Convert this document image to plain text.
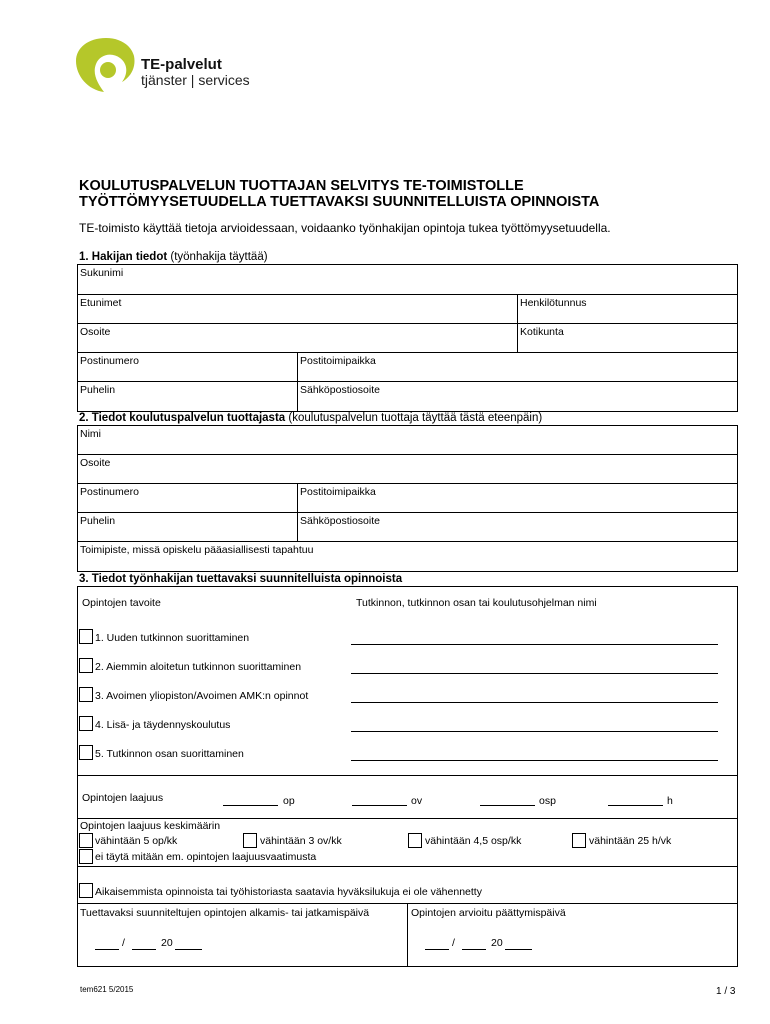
TE-palvelut
tjänster | services
KOULUTUSPALVELUN TUOTTAJAN SELVITYS TE-TOIMISTOLLE
TYÖTTÖMYYSETUUDELLA TUETTAVAKSI SUUNNITELLUISTA OPINNOISTA
TE-toimisto käyttää tietoja arvioidessaan, voidaanko työnhakijan opintoja tukea työttömyysetuudella.
1. Hakijan tiedot (työnhakija täyttää)
Sukunimi
Etunimet	Henkilötunnus
Osoite	Kotikunta
Postinumero	Postitoimipaikka
Puhelin	Sähköpostiosoite
2. Tiedot koulutuspalvelun tuottajasta (koulutuspalvelun tuottaja täyttää tästä eteenpäin)
Nimi
Osoite
Postinumero	Postitoimipaikka
Puhelin	Sähköpostiosoite
Toimipiste, missä opiskelu pääasiallisesti tapahtuu
3. Tiedot työnhakijan tuettavaksi suunnitelluista opinnoista
Opintojen tavoite	Tutkinnon, tutkinnon osan tai koulutusohjelman nimi
1. Uuden tutkinnon suorittaminen
2. Aiemmin aloitetun tutkinnon suorittaminen
3. Avoimen yliopiston/Avoimen AMK:n opinnot
4. Lisä- ja täydennyskoulutus
5. Tutkinnon osan suorittaminen
Opintojen laajuus	op	ov	osp	h
Opintojen laajuus keskimäärin
vähintään 5 op/kk	vähintään 3 ov/kk	vähintään 4,5 osp/kk	vähintään 25 h/vk
ei täytä mitään em. opintojen laajuusvaatimusta
Aikaisemmista opinnoista tai työhistoriasta saatavia hyväksilukuja ei ole vähennetty
Tuettavaksi suunniteltujen opintojen alkamis- tai jatkamispäivä	Opintojen arvioitu päättymispäivä
/	20	/	20
tem621 5/2015	1 / 3
